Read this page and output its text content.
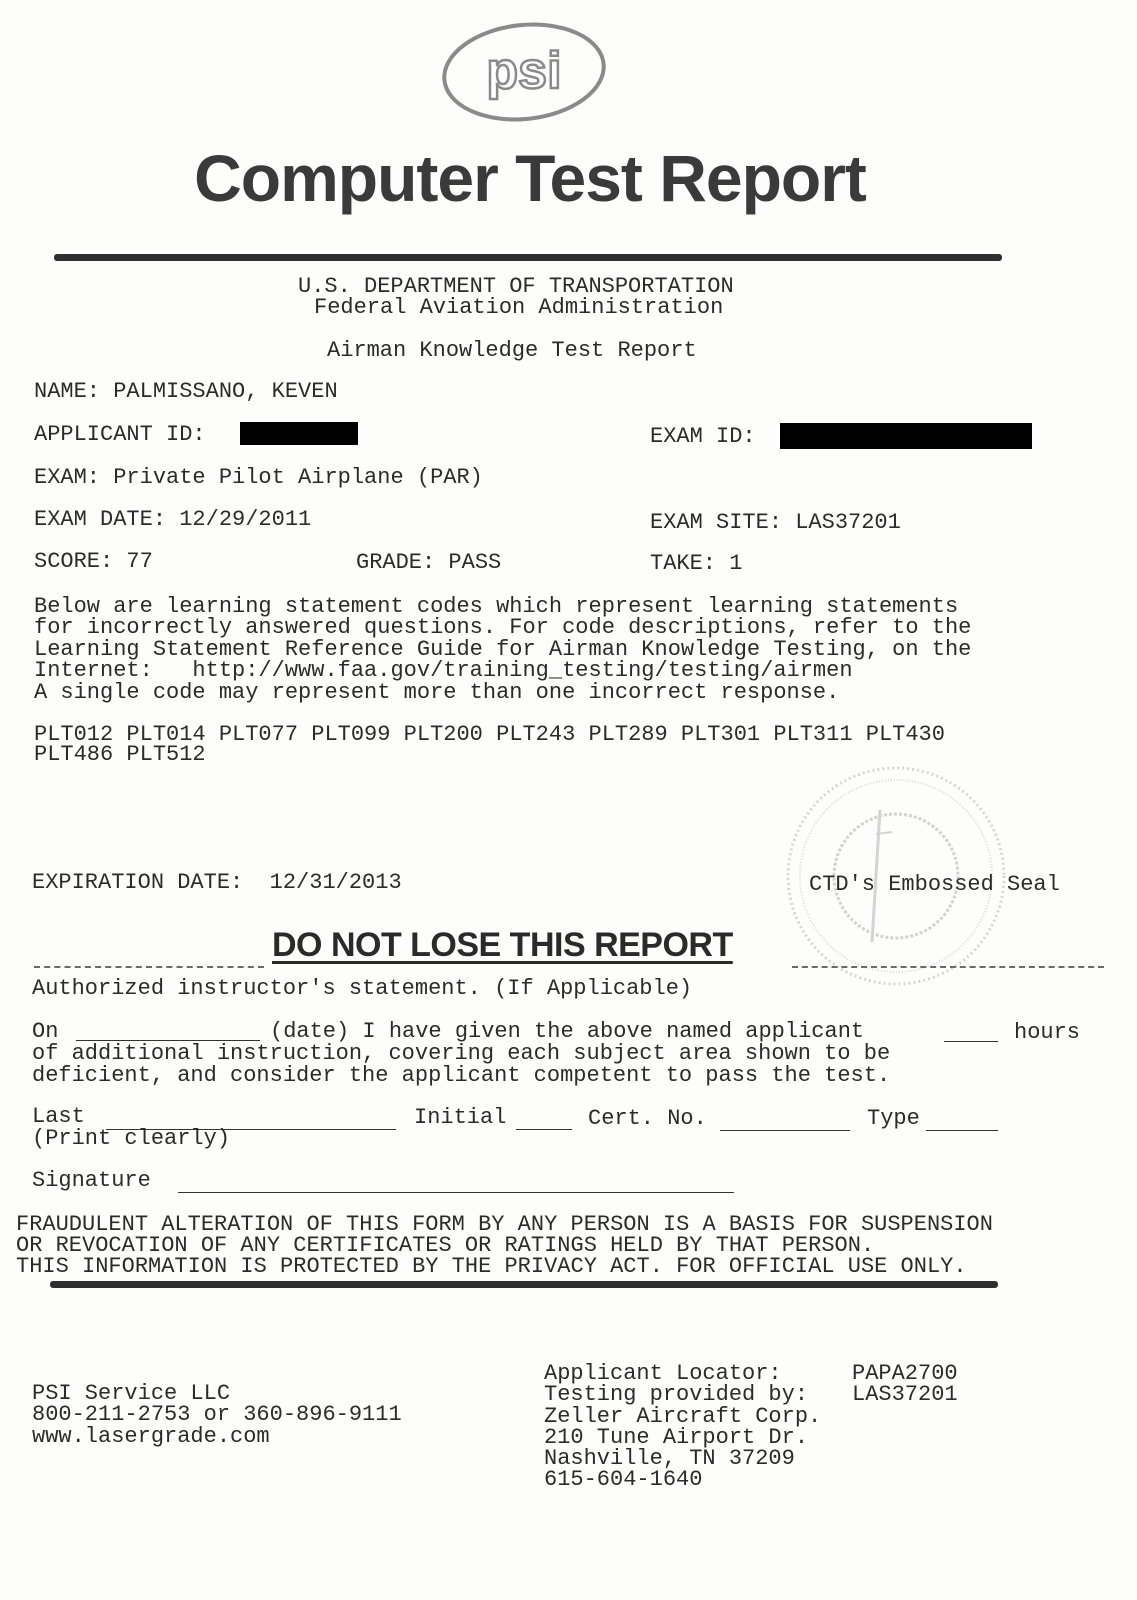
psi
Computer Test Report
U.S. DEPARTMENT OF TRANSPORTATION
Federal Aviation Administration
Airman Knowledge Test Report
NAME: PALMISSANO, KEVEN
APPLICANT ID:	EXAM ID:
EXAM: Private Pilot Airplane (PAR)
EXAM DATE: 12/29/2011	EXAM SITE: LAS37201
SCORE: 77	GRADE: PASS	TAKE: 1
Below are learning statement codes which represent learning statements
for incorrectly answered questions. For code descriptions, refer to the
Learning Statement Reference Guide for Airman Knowledge Testing, on the
Internet:   http://www.faa.gov/training_testing/testing/airmen
A single code may represent more than one incorrect response.
PLT012 PLT014 PLT077 PLT099 PLT200 PLT243 PLT289 PLT301 PLT311 PLT430
PLT486 PLT512
EXPIRATION DATE:  12/31/2013	CTD's Embossed Seal
DO NOT LOSE THIS REPORT
Authorized instructor's statement. (If Applicable)
On	(date) I have given the above named applicant	hours
of additional instruction, covering each subject area shown to be
deficient, and consider the applicant competent to pass the test.
Last	Initial	Cert. No.	Type
(Print clearly)
Signature
FRAUDULENT ALTERATION OF THIS FORM BY ANY PERSON IS A BASIS FOR SUSPENSION
OR REVOCATION OF ANY CERTIFICATES OR RATINGS HELD BY THAT PERSON.
THIS INFORMATION IS PROTECTED BY THE PRIVACY ACT. FOR OFFICIAL USE ONLY.
PSI Service LLC
800-211-2753 or 360-896-9111
www.lasergrade.com
Applicant Locator:	PAPA2700
Testing provided by: LAS37201
Zeller Aircraft Corp.
210 Tune Airport Dr.
Nashville, TN 37209
615-604-1640
